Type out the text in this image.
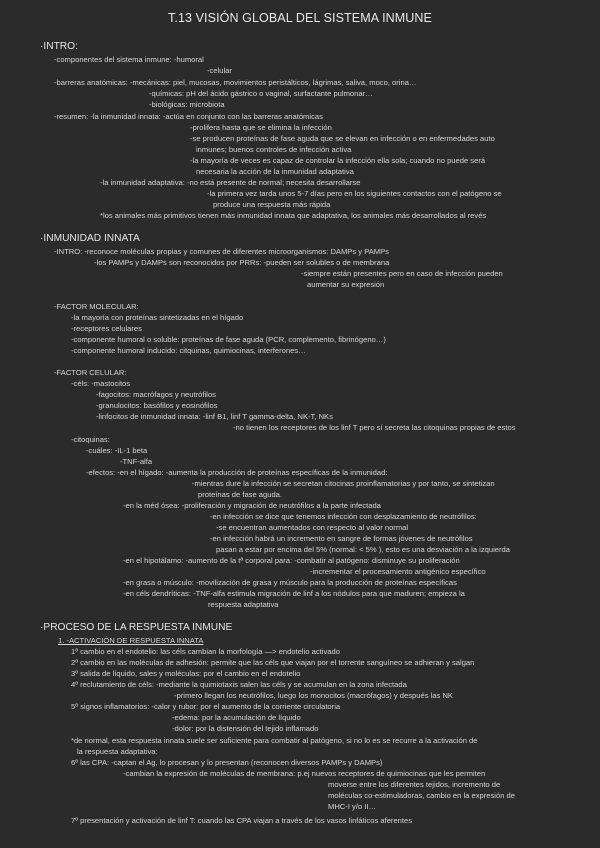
T.13 VISIÓN GLOBAL DEL SISTEMA INMUNE
·INTRO:
-componentes del sistema inmune: -humoral
-celular
-barreras anatómicas: -mecánicas: piel, mucosas, movimientos peristálticos, lágrimas, saliva, moco, orina…
-químicas: pH del ácido gástrico o vaginal, surfactante pulmonar…
-biológicas: microbiota
-resumen: -la inmunidad innata: -actúa en conjunto con las barreras anatómicas
-prolifera hasta que se elimina la infección
-se producen proteínas de fase aguda que se elevan en infección o en enfermedades auto
inmunes; buenos controles de infección activa
-la mayoría de veces es capaz de controlar la infección ella sola; cuando no puede será
necesaria la acción de la inmunidad adaptativa
-la inmunidad adaptativa: -no está presente de normal; necesita desarrollarse
-la primera vez tarda unos 5-7 días pero en los siguientes contactos con el patógeno se
produce una respuesta más rápida
*los animales más primitivos tienen más inmunidad innata que adaptativa, los animales más desarrollados al revés
·INMUNIDAD INNATA
-INTRO: -reconoce moléculas propias y comunes de diferentes microorganismos: DAMPs y PAMPs
-los PAMPs y DAMPs son reconocidos por PRRs: -pueden ser solubles o de membrana
-siempre están presentes pero en caso de infección pueden
aumentar su expresión
-FACTOR MOLECULAR:
-la mayoría con proteínas sintetizadas en el hígado
-receptores celulares
-componente humoral o soluble: proteínas de fase aguda (PCR, complemento, fibrinógeno…)
-componente humoral inducido: citquinas, quimiocinas, interferones…
-FACTOR CELULAR:
-céls: -mastocitos
-fagocitos: macrófagos y neutrófilos
-granulocitos: basófilos y eosinófilos
-linfocitos de inmunidad innata: -linf B1, linf T gamma-delta, NK-T, NKs
-no tienen los receptores de los linf T pero sí secreta las citoquinas propias de estos
-citoquinas:
-cuáles: -IL-1 beta
-TNF-alfa
-efectos: -en el hígado: -aumenta la producción de proteínas específicas de la inmunidad:
-mientras dure la infección se secretan citocinas proinflamatorias y por tanto, se sintetizan
proteínas de fase aguda.
-en la méd ósea: -proliferación y migración de neutrófilos a la parte infectada
-en infección se dice que tenemos infección con desplazamiento de neutrófilos:
-se encuentran aumentados con respecto al valor normal
-en infección habrá un incremento en sangre de formas jóvenes de neutrófilos
pasan a estar por encima del 5% (normal: < 5% ), esto es una desviación a la izquierda
-en el hipotálamo: -aumento de la tª corporal para: -combatir al patógeno: disminuye su proliferación
-incrementar el procesamiento antigénico específico
-en grasa o músculo: -movilización de grasa y músculo para la producción de proteínas específicas
-en céls dendríticas: -TNF-alfa estimula migración de linf a los nódulos para que maduren; empieza la
respuesta adaptativa
·PROCESO DE LA RESPUESTA INMUNE
1. -ACTIVACIÓN DE RESPUESTA INNATA
1º cambio en el endotelio: las céls cambian la morfología —> endotelio activado
2º cambio en las moléculas de adhesión: permite que las céls que viajan por el torrente sanguíneo se adhieran y salgan
3º salida de líquido, sales y moléculas: por el cambio en el endotelio
4º reclutamiento de céls: -mediante la quimiotaxis salen las céls y se acumulan en la zona infectada
-primero llegan los neutrófilos, luego los monocitos (macrófagos) y después las NK
5º signos inflamatorios: -calor y rubor: por el aumento de la corriente circulatoria
-edema: por la acumulación de líquido
-dolor: por la distensión del tejido inflamado
*de normal, esta respuesta innata suele ser suficiente para combatir al patógeno, si no lo es se recurre a la activación de
la respuesta adaptativa:
6º las CPA: -captan el Ag, lo procesan y lo presentan (reconocen diversos PAMPs y DAMPs)
-cambian la expresión de moléculas de membrana: p.ej nuevos receptores de quimiocinas que les permiten
moverse entre los diferentes tejidos, incremento de
moléculas co-estimuladoras, cambio en la expresión de
MHC-I y/o II…
7º presentación y activación de linf T: cuando las CPA viajan a través de los vasos linfáticos aferentes
